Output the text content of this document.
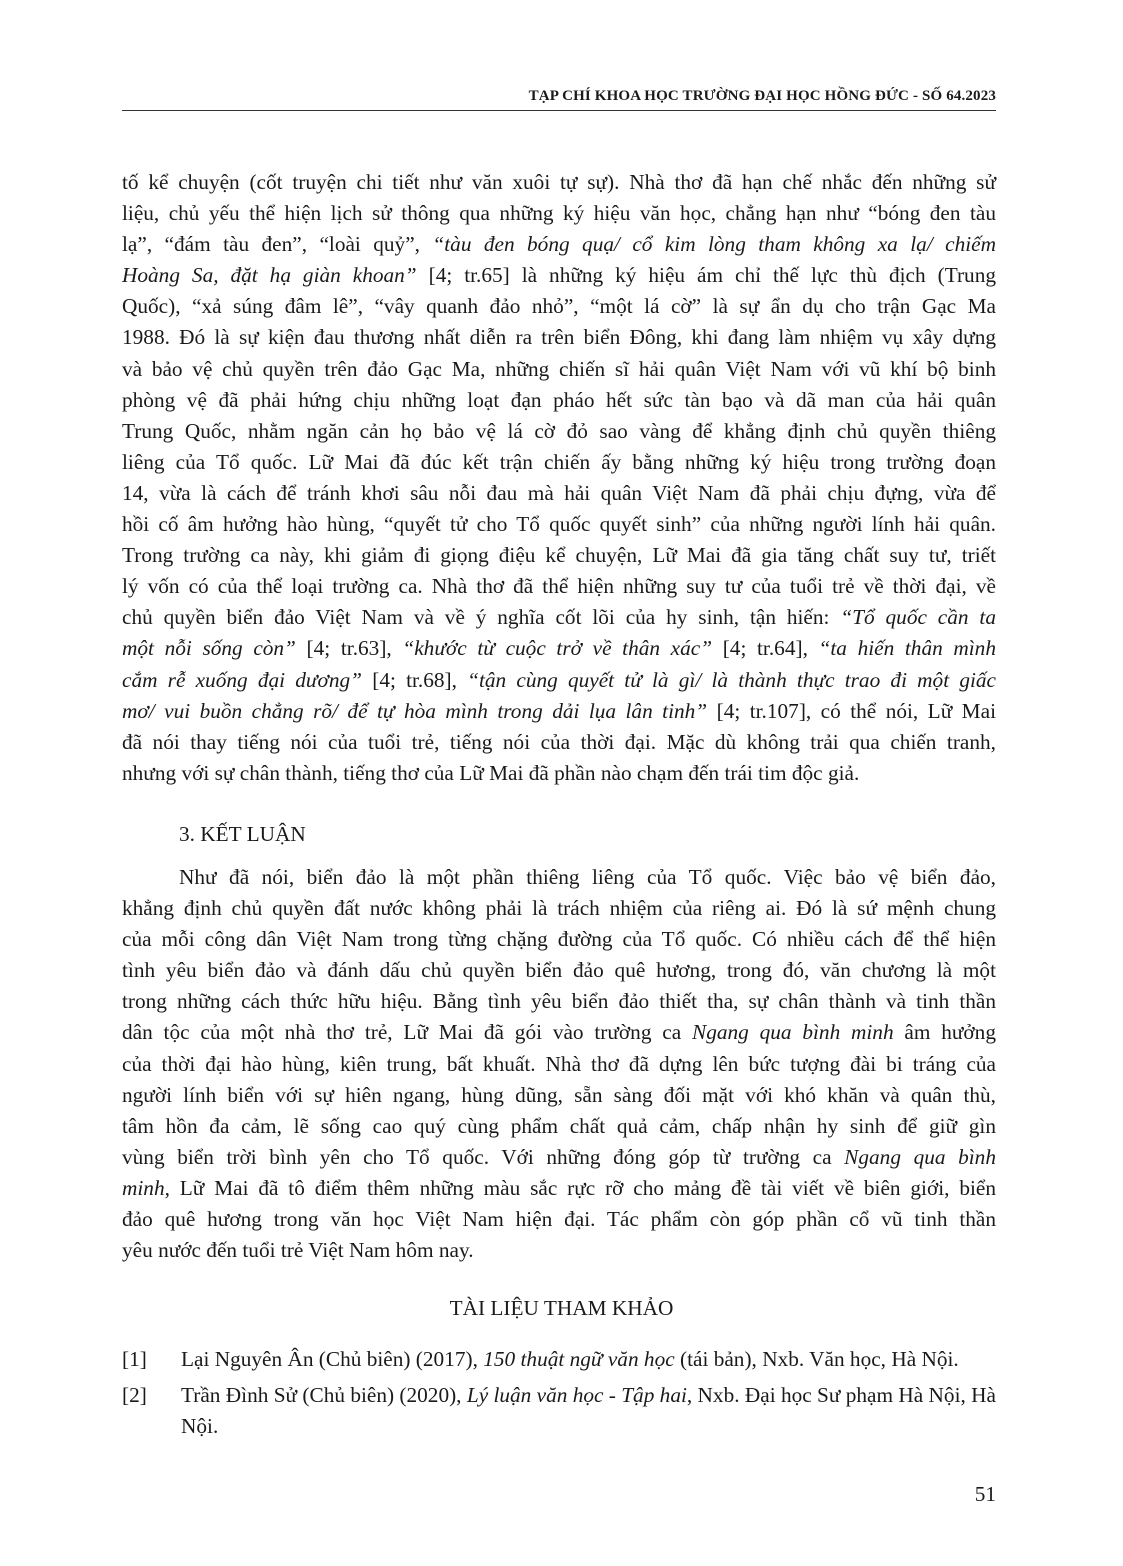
TẠP CHÍ KHOA HỌC TRƯỜNG ĐẠI HỌC HỒNG ĐỨC - SỐ 64.2023
tố kể chuyện (cốt truyện chi tiết như văn xuôi tự sự). Nhà thơ đã hạn chế nhắc đến những sử
liệu, chủ yếu thể hiện lịch sử thông qua những ký hiệu văn học, chẳng hạn như “bóng đen tàu
lạ”, “đám tàu đen”, “loài quỷ”, “tàu đen bóng quạ/ cổ kim lòng tham không xa lạ/ chiếm
Hoàng Sa, đặt hạ giàn khoan” [4; tr.65] là những ký hiệu ám chỉ thế lực thù địch (Trung
Quốc), “xả súng đâm lê”, “vây quanh đảo nhỏ”, “một lá cờ” là sự ẩn dụ cho trận Gạc Ma
1988. Đó là sự kiện đau thương nhất diễn ra trên biển Đông, khi đang làm nhiệm vụ xây dựng
và bảo vệ chủ quyền trên đảo Gạc Ma, những chiến sĩ hải quân Việt Nam với vũ khí bộ binh
phòng vệ đã phải hứng chịu những loạt đạn pháo hết sức tàn bạo và dã man của hải quân
Trung Quốc, nhằm ngăn cản họ bảo vệ lá cờ đỏ sao vàng để khẳng định chủ quyền thiêng
liêng của Tổ quốc. Lữ Mai đã đúc kết trận chiến ấy bằng những ký hiệu trong trường đoạn
14, vừa là cách để tránh khơi sâu nỗi đau mà hải quân Việt Nam đã phải chịu đựng, vừa để
hồi cố âm hưởng hào hùng, “quyết tử cho Tổ quốc quyết sinh” của những người lính hải quân.
Trong trường ca này, khi giảm đi giọng điệu kể chuyện, Lữ Mai đã gia tăng chất suy tư, triết
lý vốn có của thể loại trường ca. Nhà thơ đã thể hiện những suy tư của tuổi trẻ về thời đại, về
chủ quyền biển đảo Việt Nam và về ý nghĩa cốt lõi của hy sinh, tận hiến: “Tổ quốc cần ta
một nỗi sống còn” [4; tr.63], “khước từ cuộc trở về thân xác” [4; tr.64], “ta hiến thân mình
cắm rễ xuống đại dương” [4; tr.68], “tận cùng quyết tử là gì/ là thành thực trao đi một giấc
mơ/ vui buồn chẳng rõ/ để tự hòa mình trong dải lụa lân tinh” [4; tr.107], có thể nói, Lữ Mai
đã nói thay tiếng nói của tuổi trẻ, tiếng nói của thời đại. Mặc dù không trải qua chiến tranh,
nhưng với sự chân thành, tiếng thơ của Lữ Mai đã phần nào chạm đến trái tim độc giả.
3. KẾT LUẬN
Như đã nói, biển đảo là một phần thiêng liêng của Tổ quốc. Việc bảo vệ biển đảo,
khẳng định chủ quyền đất nước không phải là trách nhiệm của riêng ai. Đó là sứ mệnh chung
của mỗi công dân Việt Nam trong từng chặng đường của Tổ quốc. Có nhiều cách để thể hiện
tình yêu biển đảo và đánh dấu chủ quyền biển đảo quê hương, trong đó, văn chương là một
trong những cách thức hữu hiệu. Bằng tình yêu biển đảo thiết tha, sự chân thành và tinh thần
dân tộc của một nhà thơ trẻ, Lữ Mai đã gói vào trường ca Ngang qua bình minh âm hưởng
của thời đại hào hùng, kiên trung, bất khuất. Nhà thơ đã dựng lên bức tượng đài bi tráng của
người lính biển với sự hiên ngang, hùng dũng, sẵn sàng đối mặt với khó khăn và quân thù,
tâm hồn đa cảm, lẽ sống cao quý cùng phẩm chất quả cảm, chấp nhận hy sinh để giữ gìn
vùng biển trời bình yên cho Tổ quốc. Với những đóng góp từ trường ca Ngang qua bình
minh, Lữ Mai đã tô điểm thêm những màu sắc rực rỡ cho mảng đề tài viết về biên giới, biển
đảo quê hương trong văn học Việt Nam hiện đại. Tác phẩm còn góp phần cổ vũ tinh thần
yêu nước đến tuổi trẻ Việt Nam hôm nay.
TÀI LIỆU THAM KHẢO
[1] Lại Nguyên Ân (Chủ biên) (2017), 150 thuật ngữ văn học (tái bản), Nxb. Văn học, Hà Nội.
[2] Trần Đình Sử (Chủ biên) (2020), Lý luận văn học - Tập hai, Nxb. Đại học Sư phạm Hà Nội, Hà Nội.
51
